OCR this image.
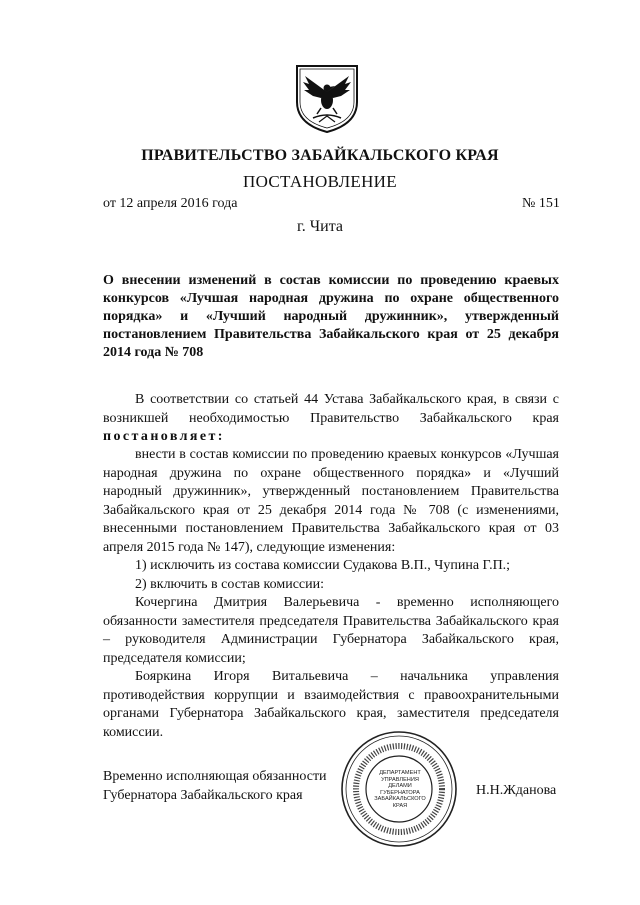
ПРАВИТЕЛЬСТВО ЗАБАЙКАЛЬСКОГО КРАЯ
ПОСТАНОВЛЕНИЕ
от 12 апреля 2016 года	№ 151
г. Чита
О внесении изменений в состав комиссии по проведению краевых конкурсов «Лучшая народная дружина по охране общественного порядка» и «Лучший народный дружинник», утвержденный постановлением Правительства Забайкальского края от 25 декабря 2014 года № 708
В соответствии со статьей 44 Устава Забайкальского края, в связи с возникшей необходимостью Правительство Забайкальского края постановляет:

внести в состав комиссии по проведению краевых конкурсов «Лучшая народная дружина по охране общественного порядка» и «Лучший народный дружинник», утвержденный постановлением Правительства Забайкальского края от 25 декабря 2014 года № 708 (с изменениями, внесенными постановлением Правительства Забайкальского края от 03 апреля 2015 года № 147), следующие изменения:

1) исключить из состава комиссии Судакова В.П., Чупина Г.П.;

2) включить в состав комиссии:

Кочергина Дмитрия Валерьевича - временно исполняющего обязанности заместителя председателя Правительства Забайкальского края – руководителя Администрации Губернатора Забайкальского края, председателя комиссии;

Бояркина Игоря Витальевича – начальника управления противодействия коррупции и взаимодействия с правоохранительными органами Губернатора Забайкальского края, заместителя председателя комиссии.

Временно исполняющая обязанности
Губернатора Забайкальского края
ДЕПАРТАМЕНТ
УПРАВЛЕНИЯ
ДЕЛАМИ
ГУБЕРНАТОРА
ЗАБАЙКАЛЬСКОГО
КРАЯ
Н.Н.Жданова
